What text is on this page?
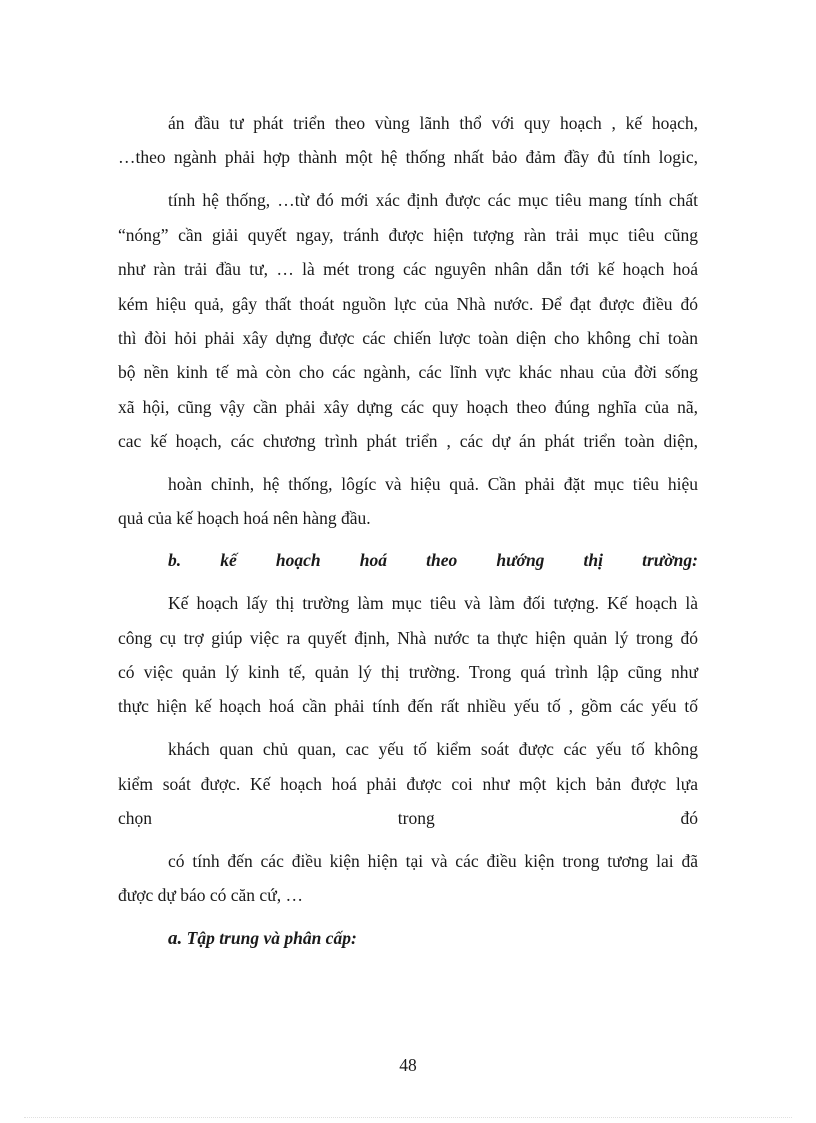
án đầu tư phát triển theo vùng lãnh thổ với quy hoạch , kế hoạch,
…theo ngành phải hợp thành một hệ thống nhất bảo đảm đầy đủ tính logic,
tính hệ thống, …từ đó mới xác định được các mục tiêu mang tính chất
“nóng” cần giải quyết ngay, tránh được hiện tượng ràn trải mục tiêu cũng
như ràn trải đầu tư, … là mét trong các nguyên nhân dẫn tới kế hoạch hoá
kém hiệu quả, gây thất thoát nguồn lực của Nhà nước. Để đạt được điều đó
thì đòi hỏi phải xây dựng được các chiến lược toàn diện cho không chỉ toàn
bộ nền kinh tế mà còn cho các ngành, các lĩnh vực khác nhau của đời sống
xã hội, cũng vậy cần phải xây dựng các quy hoạch theo đúng nghĩa của nã,
cac kế hoạch, các chương trình phát triển , các dự án phát triển toàn diện,
hoàn chỉnh, hệ thống, lôgíc và hiệu quả. Cần phải đặt mục tiêu hiệu
quả của kế hoạch hoá nên hàng đầu.
b. kế hoạch hoá theo hướng thị trường:
Kế hoạch lấy thị trường làm mục tiêu và làm đối tượng. Kế hoạch là
công cụ trợ giúp việc ra quyết định, Nhà nước ta thực hiện quản lý trong đó
có việc quản lý kinh tế, quản lý thị trường. Trong quá trình lập cũng như
thực hiện kế hoạch hoá cần phải tính đến rất nhiều yếu tố , gồm các yếu tố
khách quan chủ quan, cac yếu tố kiểm soát được các yếu tố không
kiểm soát được. Kế hoạch hoá phải được coi như một kịch bản được lựa
chọn trong đó
có tính đến các điều kiện hiện tại và các điều kiện trong tương lai đã
được dự báo có căn cứ, …
a. Tập trung và phân cấp:
48
